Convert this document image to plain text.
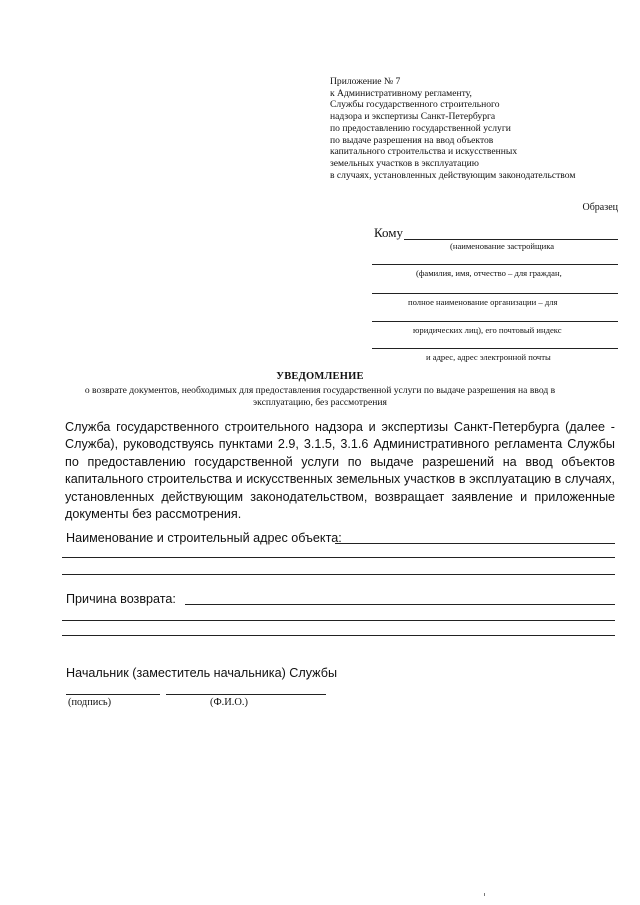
Приложение № 7
к Административному регламенту,
Службы государственного строительного
надзора и экспертизы Санкт-Петербурга
по предоставлению государственной услуги
по выдаче разрешения на ввод объектов
капитального строительства и искусственных
земельных участков в эксплуатацию
в случаях, установленных действующим законодательством
Образец
Кому
(наименование застройщика
(фамилия, имя, отчество – для граждан,
полное наименование организации – для
юридических лиц), его почтовый индекс
и адрес, адрес электронной почты
УВЕДОМЛЕНИЕ
о возврате документов, необходимых для предоставления государственной услуги по выдаче разрешения на ввод в эксплуатацию, без рассмотрения
Служба государственного строительного надзора и экспертизы Санкт-Петербурга (далее - Служба), руководствуясь пунктами 2.9, 3.1.5, 3.1.6 Административного регламента Службы по предоставлению государственной услуги по выдаче разрешений на ввод объектов капитального строительства и искусственных земельных участков в эксплуатацию в случаях, установленных действующим законодательством, возвращает заявление и приложенные документы без рассмотрения.
Наименование и строительный адрес объекта:
Причина возврата:
Начальник (заместитель начальника) Службы
(подпись)	(Ф.И.О.)
